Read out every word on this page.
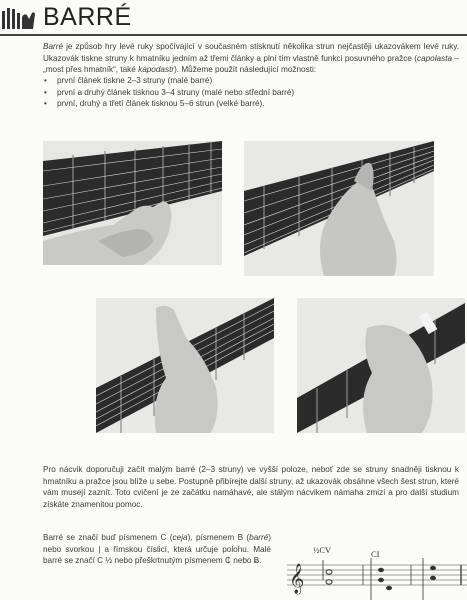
BARRÉ
Barré je způsob hry levé ruky spočívající v současném stisknutí několika strun nejčastěji ukazovákem levé ruky. Ukazovák tiskne struny k hmatníku jedním až třemi články a plní tím vlastně funkci posuvného pražce (capolasta – „most přes hmatník“, také kapodastr). Můžeme použít následující možnosti:
• první článek tiskne 2–3 struny (malé barré)
• první a druhý článek tisknou 3–4 struny (malé nebo střední barré)
• první, druhý a třetí článek tisknou 5–6 strun (velké barré).
Pro nácvik doporučuji začít malým barré (2–3 struny) ve vyšší poloze, neboť zde se struny snadněji tisknou k hmatníku a pražce jsou blíže u sebe. Postupně přibírejte další struny, až ukazovák obsáhne všech šest strun, které vám musejí zaznít. Toto cvičení je ze začátku namáhavé, ale stálým nácvikem námaha zmizí a pro další studium získáte znamenitou pomoc.
Barré se značí buď písmenem C (ceja), písmenem B (barré) nebo svorkou | a římskou číslicí, která určuje polohu. Malé barré se značí C ½ nebo přeškrtnutým písmenem ₵ nebo Ƀ.
𝄞
½CV	CI
